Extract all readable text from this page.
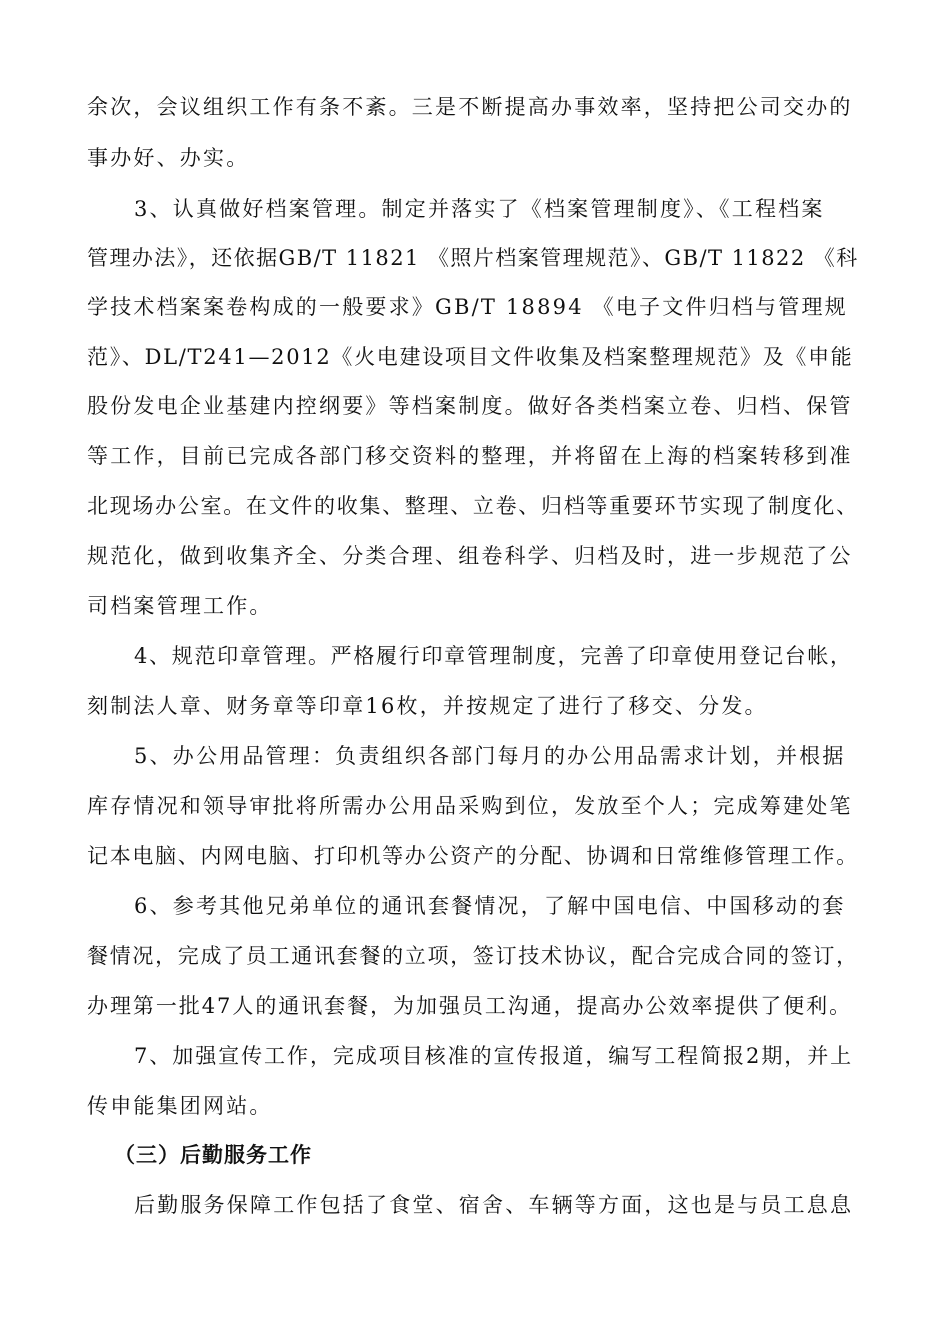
余次，会议组织工作有条不紊。三是不断提高办事效率，坚持把公司交办的
事办好、办实。
3、认真做好档案管理。制定并落实了《档案管理制度》、《工程档案
管理办法》，还依据GB/T 11821 《照片档案管理规范》、GB/T 11822 《科
学技术档案案卷构成的一般要求》GB/T 18894 《电子文件归档与管理规
范》、DL/T241—2012《火电建设项目文件收集及档案整理规范》及《申能
股份发电企业基建内控纲要》等档案制度。做好各类档案立卷、归档、保管
等工作，目前已完成各部门移交资料的整理，并将留在上海的档案转移到准
北现场办公室。在文件的收集、整理、立卷、归档等重要环节实现了制度化、
规范化，做到收集齐全、分类合理、组卷科学、归档及时，进一步规范了公
司档案管理工作。
4、规范印章管理。严格履行印章管理制度，完善了印章使用登记台帐，
刻制法人章、财务章等印章16枚，并按规定了进行了移交、分发。
5、办公用品管理：负责组织各部门每月的办公用品需求计划，并根据
库存情况和领导审批将所需办公用品采购到位，发放至个人；完成筹建处笔
记本电脑、内网电脑、打印机等办公资产的分配、协调和日常维修管理工作。
6、参考其他兄弟单位的通讯套餐情况，了解中国电信、中国移动的套
餐情况，完成了员工通讯套餐的立项，签订技术协议，配合完成合同的签订，
办理第一批47人的通讯套餐，为加强员工沟通，提高办公效率提供了便利。
7、加强宣传工作，完成项目核准的宣传报道，编写工程简报2期，并上
传申能集团网站。
（三）后勤服务工作
后勤服务保障工作包括了食堂、宿舍、车辆等方面，这也是与员工息息
